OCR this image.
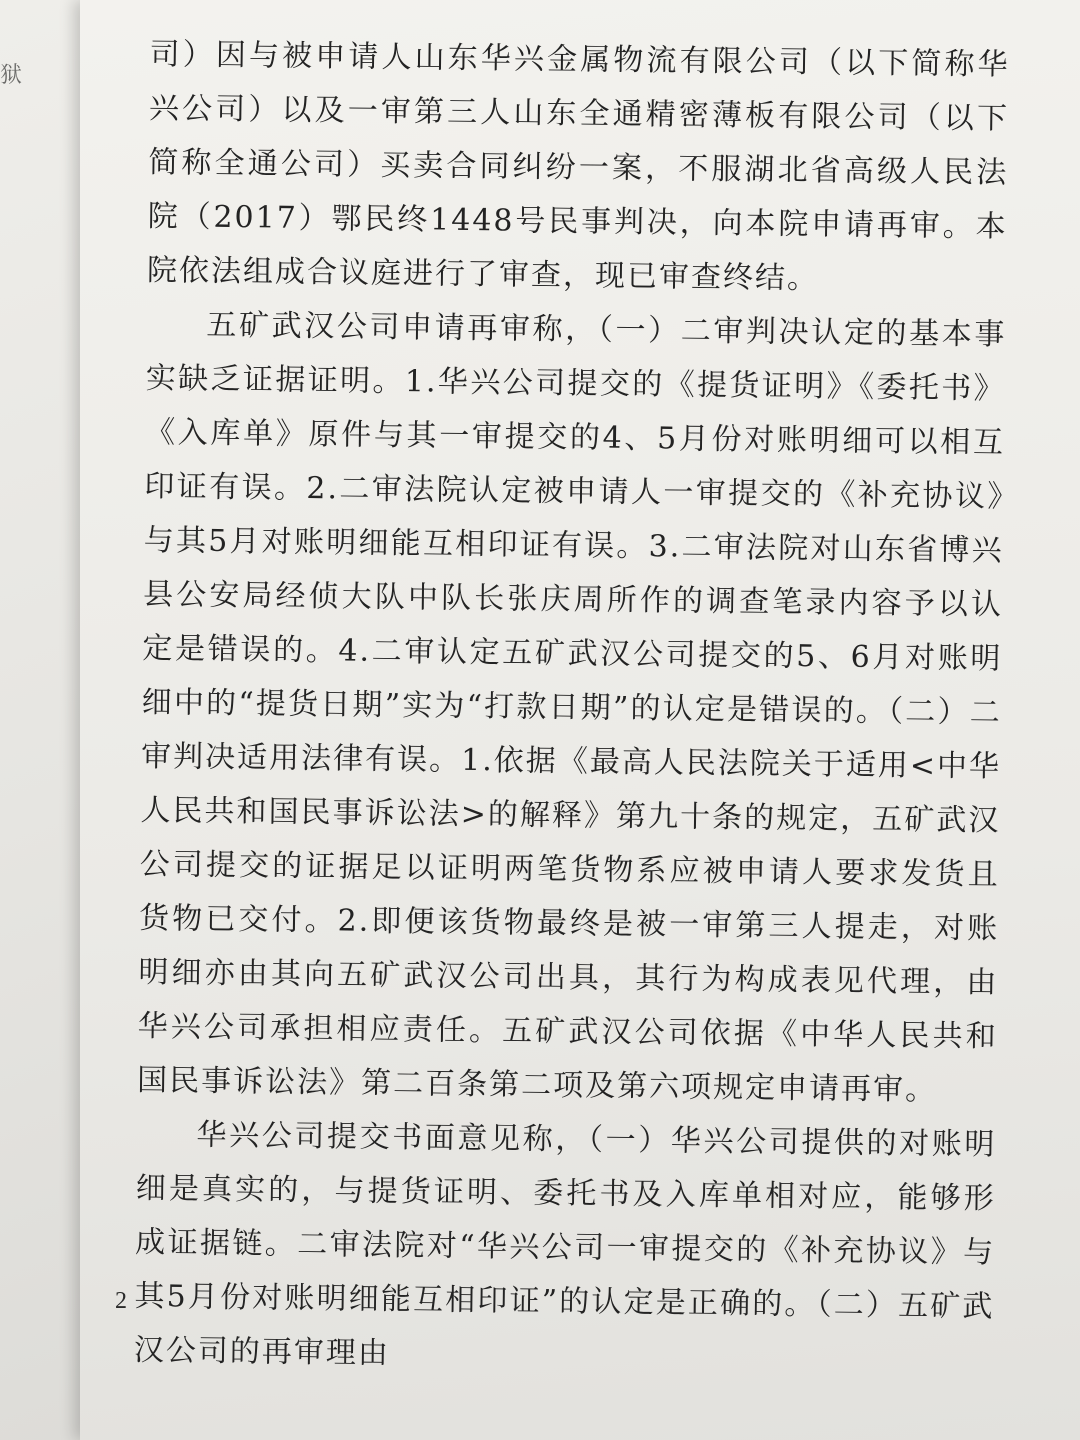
狱	司）因与被申请人山东华兴金属物流有限公司（以下简称华兴公司）以及一审第三人山东全通精密薄板有限公司（以下简称全通公司）买卖合同纠纷一案，不服湖北省高级人民法院（2017）鄂民终1448号民事判决，向本院申请再审。本院依法组成合议庭进行了审查，现已审查终结。

五矿武汉公司申请再审称，（一）二审判决认定的基本事实缺乏证据证明。1.华兴公司提交的《提货证明》《委托书》《入库单》原件与其一审提交的4、5月份对账明细可以相互印证有误。2.二审法院认定被申请人一审提交的《补充协议》与其5月对账明细能互相印证有误。3.二审法院对山东省博兴县公安局经侦大队中队长张庆周所作的调查笔录内容予以认定是错误的。4.二审认定五矿武汉公司提交的5、6月对账明细中的“提货日期”实为“打款日期”的认定是错误的。（二）二审判决适用法律有误。1.依据《最高人民法院关于适用<中华人民共和国民事诉讼法>的解释》第九十条的规定，五矿武汉公司提交的证据足以证明两笔货物系应被申请人要求发货且货物已交付。2.即便该货物最终是被一审第三人提走，对账明细亦由其向五矿武汉公司出具，其行为构成表见代理，由华兴公司承担相应责任。五矿武汉公司依据《中华人民共和国民事诉讼法》第二百条第二项及第六项规定申请再审。

华兴公司提交书面意见称，（一）华兴公司提供的对账明细是真实的，与提货证明、委托书及入库单相对应，能够形成证据链。二审法院对“华兴公司一审提交的《补充协议》与其5月份对账明细能互相印证”的认定是正确的。（二）五矿武汉公司的再审理由

2
